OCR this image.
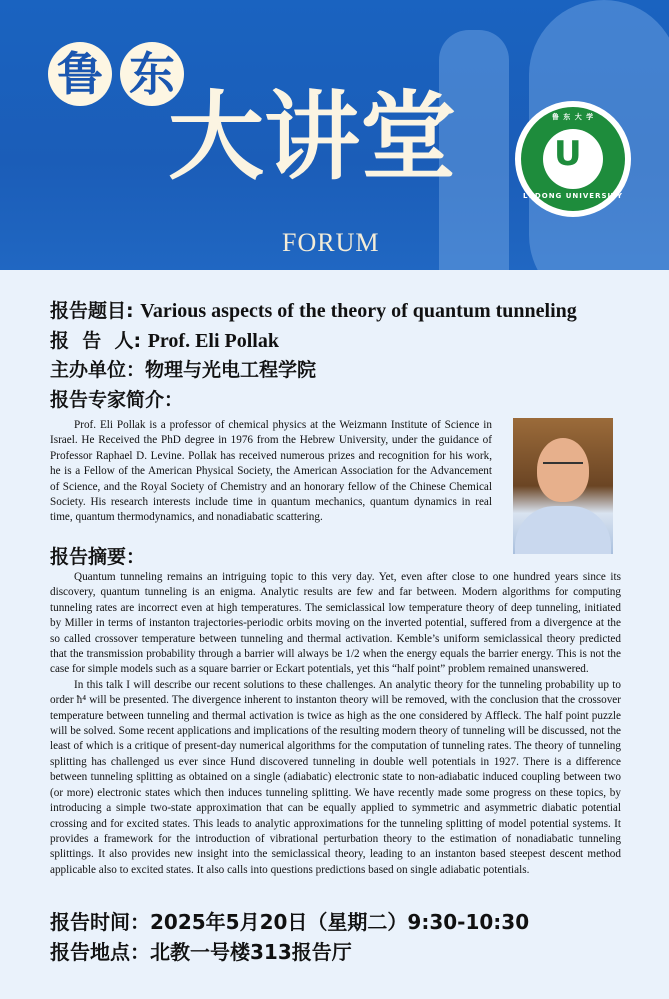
鲁 东
大讲堂
FORUM
U
鲁 东 大 学
1930
LUDONG UNIVERSITY
报告题目: Various aspects of the theory of quantum tunneling
报  告  人: Prof. Eli Pollak
主办单位：物理与光电工程学院
报告专家简介：
Prof. Eli Pollak is a professor of chemical physics at the Weizmann Institute of Science in Israel. He Received the PhD degree in 1976 from the Hebrew University, under the guidance of Professor Raphael D. Levine. Pollak has received numerous prizes and recognition for his work, he is a Fellow of the American Physical Society, the American Association for the Advancement of Science, and the Royal Society of Chemistry and an honorary fellow of the Chinese Chemical Society. His research interests include time in quantum mechanics, quantum dynamics in real time, quantum thermodynamics, and nonadiabatic scattering.
报告摘要：

Quantum tunneling remains an intriguing topic to this very day. Yet, even after close to one hundred years since its discovery, quantum tunneling is an enigma. Analytic results are few and far between. Modern algorithms for computing tunneling rates are incorrect even at high temperatures. The semiclassical low temperature theory of deep tunneling, initiated by Miller in terms of instanton trajectories-periodic orbits moving on the inverted potential, suffered from a divergence at the so called crossover temperature between tunneling and thermal activation. Kemble’s uniform semiclassical theory predicted that the transmission probability through a barrier will always be 1/2 when the energy equals the barrier energy. This is not the case for simple models such as a square barrier or Eckart potentials, yet this “half point” problem remained unanswered.

In this talk I will describe our recent solutions to these challenges. An analytic theory for the tunneling probability up to order ħ⁴ will be presented. The divergence inherent to instanton theory will be removed, with the conclusion that the crossover temperature between tunneling and thermal activation is twice as high as the one considered by Affleck. The half point puzzle will be solved. Some recent applications and implications of the resulting modern theory of tunneling will be discussed, not the least of which is a critique of present-day numerical algorithms for the computation of tunneling rates. The theory of tunneling splitting has challenged us ever since Hund discovered tunneling in double well potentials in 1927. There is a difference between tunneling splitting as obtained on a single (adiabatic) electronic state to non-adiabatic induced coupling between two (or more) electronic states which then induces tunneling splitting. We have recently made some progress on these topics, by introducing a simple two-state approximation that can be equally applied to symmetric and asymmetric diabatic potential crossing and for excited states. This leads to analytic approximations for the tunneling splitting of model potential systems. It provides a framework for the introduction of vibrational perturbation theory to the estimation of nonadiabatic tunneling splittings. It also provides new insight into the semiclassical theory, leading to an instanton based steepest descent method applicable also to excited states. It also calls into questions predictions based on single adiabatic potentials.

报告时间：2025年5月20日（星期二）9:30-10:30
报告地点：北教一号楼313报告厅
